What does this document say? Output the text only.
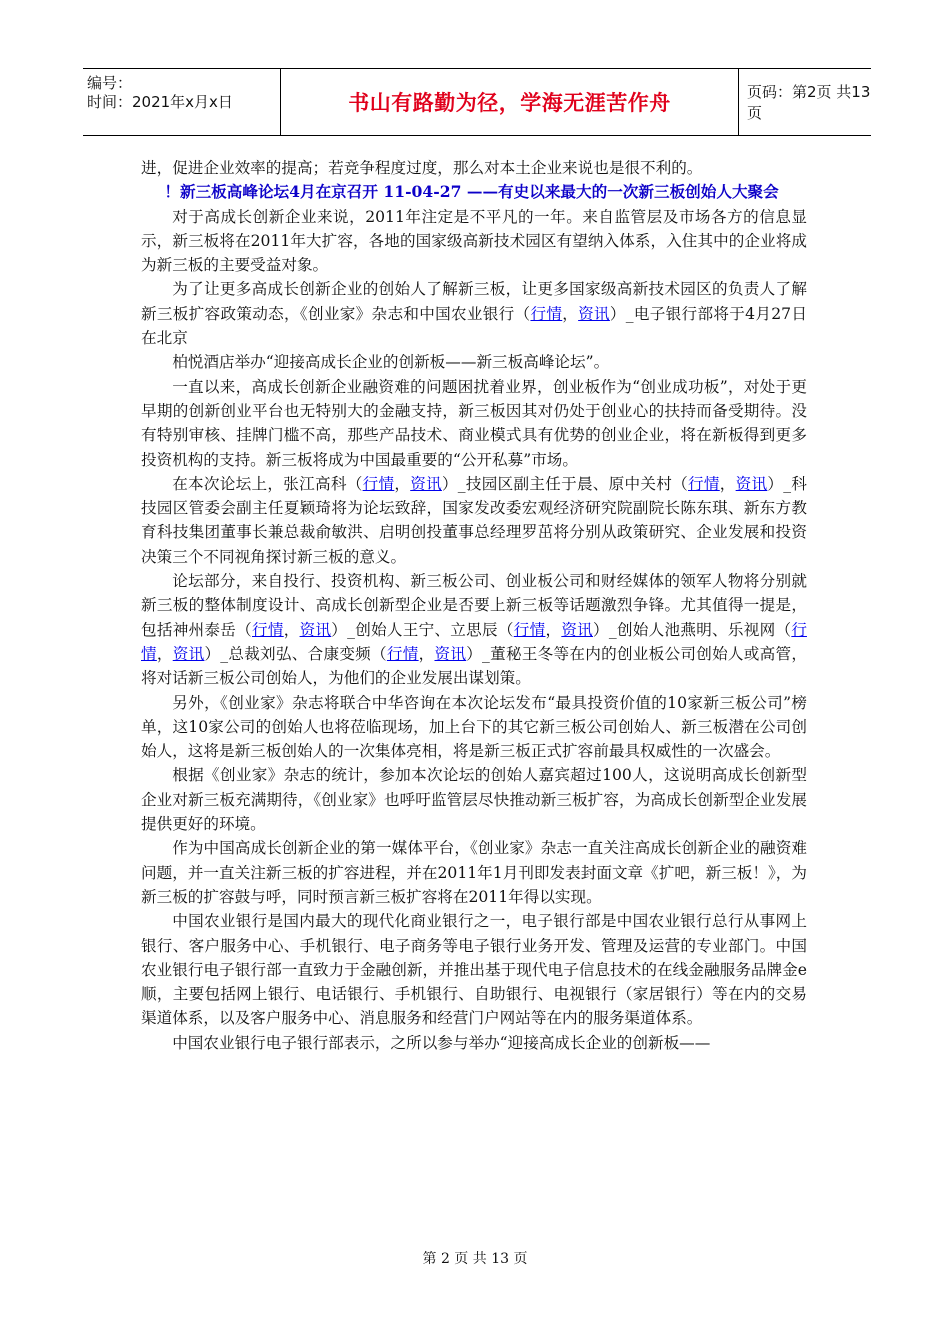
编号：
时间：2021年x月x日	书山有路勤为径，学海无涯苦作舟	页码：第2页 共13页

进，促进企业效率的提高；若竞争程度过度，那么对本土企业来说也是很不利的。

！新三板高峰论坛4月在京召开 11-04-27 ——有史以来最大的一次新三板创始人大聚会

对于高成长创新企业来说，2011年注定是不平凡的一年。来自监管层及市场各方的信息显示，新三板将在2011年大扩容，各地的国家级高新技术园区有望纳入体系，入住其中的企业将成为新三板的主要受益对象。

为了让更多高成长创新企业的创始人了解新三板，让更多国家级高新技术园区的负责人了解新三板扩容政策动态，《创业家》杂志和中国农业银行（行情，资讯）_电子银行部将于4月27日在北京

柏悦酒店举办“迎接高成长企业的创新板——新三板高峰论坛”。

一直以来，高成长创新企业融资难的问题困扰着业界，创业板作为“创业成功板”，对处于更早期的创新创业平台也无特别大的金融支持，新三板因其对仍处于创业心的扶持而备受期待。没有特别审核、挂牌门槛不高，那些产品技术、商业模式具有优势的创业企业，将在新板得到更多投资机构的支持。新三板将成为中国最重要的“公开私募”市场。

在本次论坛上，张江高科（行情，资讯）_技园区副主任于晨、原中关村（行情，资讯）_科技园区管委会副主任夏颖琦将为论坛致辞，国家发改委宏观经济研究院副院长陈东琪、新东方教育科技集团董事长兼总裁俞敏洪、启明创投董事总经理罗茁将分别从政策研究、企业发展和投资决策三个不同视角探讨新三板的意义。

论坛部分，来自投行、投资机构、新三板公司、创业板公司和财经媒体的领军人物将分别就新三板的整体制度设计、高成长创新型企业是否要上新三板等话题激烈争锋。尤其值得一提是，包括神州泰岳（行情，资讯）_创始人王宁、立思辰（行情，资讯）_创始人池燕明、乐视网（行情，资讯）_总裁刘弘、合康变频（行情，资讯）_董秘王冬等在内的创业板公司创始人或高管，将对话新三板公司创始人，为他们的企业发展出谋划策。

另外，《创业家》杂志将联合中华咨询在本次论坛发布“最具投资价值的10家新三板公司”榜单，这10家公司的创始人也将莅临现场，加上台下的其它新三板公司创始人、新三板潜在公司创始人，这将是新三板创始人的一次集体亮相，将是新三板正式扩容前最具权威性的一次盛会。

根据《创业家》杂志的统计，参加本次论坛的创始人嘉宾超过100人，这说明高成长创新型企业对新三板充满期待，《创业家》也呼吁监管层尽快推动新三板扩容，为高成长创新型企业发展提供更好的环境。

作为中国高成长创新企业的第一媒体平台，《创业家》杂志一直关注高成长创新企业的融资难问题，并一直关注新三板的扩容进程，并在2011年1月刊即发表封面文章《扩吧，新三板！》，为新三板的扩容鼓与呼，同时预言新三板扩容将在2011年得以实现。

中国农业银行是国内最大的现代化商业银行之一，电子银行部是中国农业银行总行从事网上银行、客户服务中心、手机银行、电子商务等电子银行业务开发、管理及运营的专业部门。中国农业银行电子银行部一直致力于金融创新，并推出基于现代电子信息技术的在线金融服务品牌金e顺，主要包括网上银行、电话银行、手机银行、自助银行、电视银行（家居银行）等在内的交易渠道体系，以及客户服务中心、消息服务和经营门户网站等在内的服务渠道体系。

中国农业银行电子银行部表示，之所以参与举办“迎接高成长企业的创新板——

第 2 页 共 13 页
